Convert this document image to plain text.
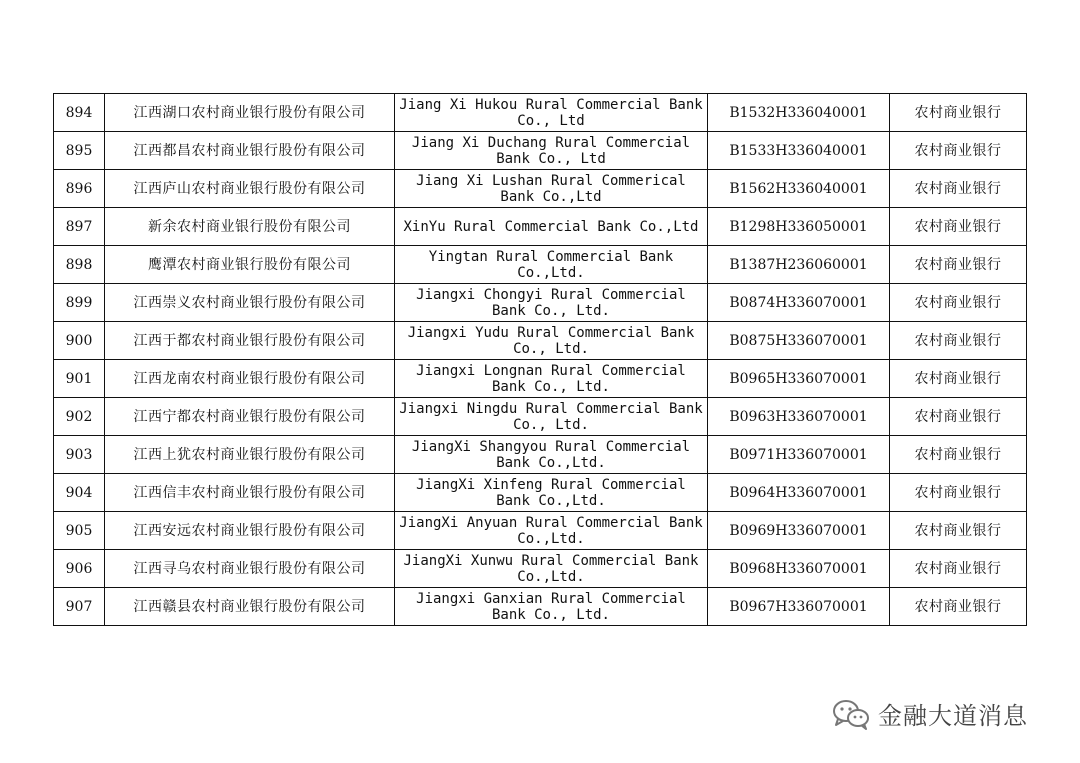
894	江西湖口农村商业银行股份有限公司	Jiang Xi Hukou Rural Commercial Bank Co., Ltd	B1532H336040001	农村商业银行
895	江西都昌农村商业银行股份有限公司	Jiang Xi Duchang Rural Commercial Bank Co., Ltd	B1533H336040001	农村商业银行
896	江西庐山农村商业银行股份有限公司	Jiang Xi Lushan Rural Commerical Bank Co.,Ltd	B1562H336040001	农村商业银行
897	新余农村商业银行股份有限公司	XinYu Rural Commercial Bank Co.,Ltd	B1298H336050001	农村商业银行
898	鹰潭农村商业银行股份有限公司	Yingtan Rural Commercial Bank Co.,Ltd.	B1387H236060001	农村商业银行
899	江西崇义农村商业银行股份有限公司	Jiangxi Chongyi Rural Commercial Bank Co., Ltd.	B0874H336070001	农村商业银行
900	江西于都农村商业银行股份有限公司	Jiangxi Yudu Rural Commercial Bank Co., Ltd.	B0875H336070001	农村商业银行
901	江西龙南农村商业银行股份有限公司	Jiangxi Longnan Rural Commercial Bank Co., Ltd.	B0965H336070001	农村商业银行
902	江西宁都农村商业银行股份有限公司	Jiangxi Ningdu Rural Commercial Bank Co., Ltd.	B0963H336070001	农村商业银行
903	江西上犹农村商业银行股份有限公司	JiangXi Shangyou Rural Commercial Bank Co.,Ltd.	B0971H336070001	农村商业银行
904	江西信丰农村商业银行股份有限公司	JiangXi Xinfeng Rural Commercial Bank Co.,Ltd.	B0964H336070001	农村商业银行
905	江西安远农村商业银行股份有限公司	JiangXi Anyuan Rural Commercial Bank Co.,Ltd.	B0969H336070001	农村商业银行
906	江西寻乌农村商业银行股份有限公司	JiangXi Xunwu Rural Commercial Bank Co.,Ltd.	B0968H336070001	农村商业银行
907	江西赣县农村商业银行股份有限公司	Jiangxi Ganxian Rural Commercial Bank Co., Ltd.	B0967H336070001	农村商业银行
金融大道消息
